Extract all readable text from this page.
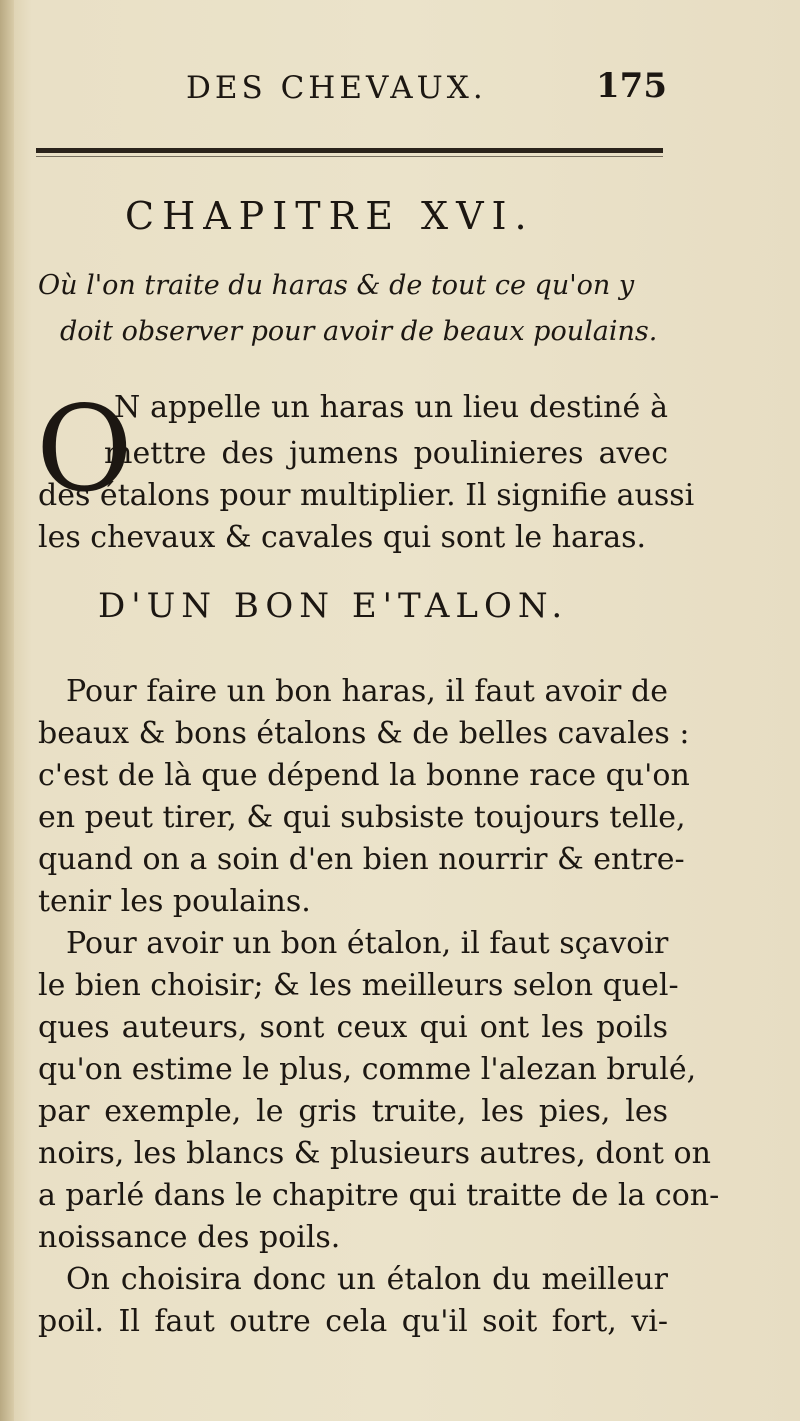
DES CHEVAUX.	175
CHAPITRE XVI.
Où l'on traite du haras & de tout ce qu'on y
doit observer pour avoir de beaux poulains.
O
N appelle un haras un lieu destiné à
mettre des jumens poulinieres avec
des étalons pour multiplier. Il signifie aussi
les chevaux & cavales qui sont le haras.
D'UN BON E'TALON.
Pour faire un bon haras, il faut avoir de
beaux & bons étalons & de belles cavales :
c'est de là que dépend la bonne race qu'on
en peut tirer, & qui subsiste toujours telle,
quand on a soin d'en bien nourrir & entre-
tenir les poulains.
Pour avoir un bon étalon, il faut sçavoir
le bien choisir; & les meilleurs selon quel-
ques auteurs, sont ceux qui ont les poils
qu'on estime le plus, comme l'alezan brulé,
par exemple, le gris truite, les pies, les
noirs, les blancs & plusieurs autres, dont on
a parlé dans le chapitre qui traitte de la con-
noissance des poils.
On choisira donc un étalon du meilleur
poil. Il faut outre cela qu'il soit fort, vi-
